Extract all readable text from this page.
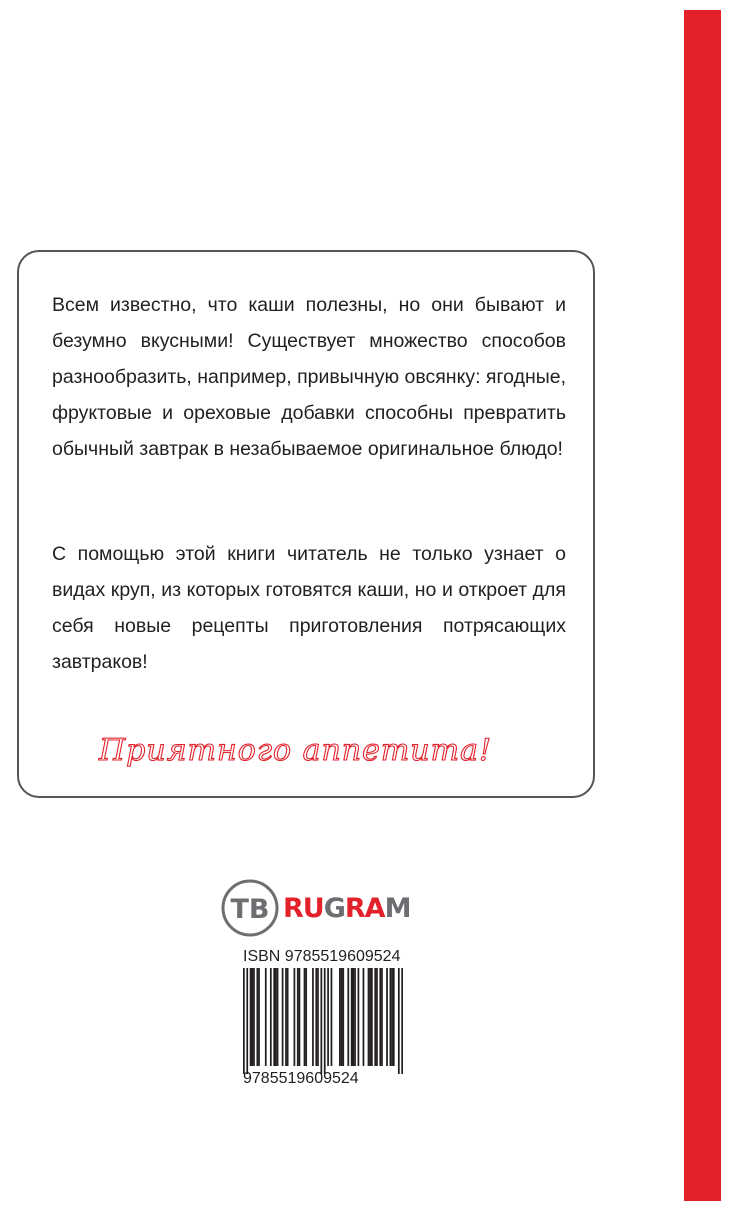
Всем известно, что каши полезны, но они бывают и безумно вкусными! Существует множество способов разнообразить, например, привычную овсянку: ягодные, фруктовые и ореховые добавки способны превратить обычный завтрак в незабываемое оригинальное блюдо!

С помощью этой книги читатель не только узнает о видах круп, из которых готовятся каши, но и откроет для себя новые рецепты приготовления потрясающих завтраков!

Приятного аппетита!
TB RUGRAM
ISBN 9785519609524
9785519609524
